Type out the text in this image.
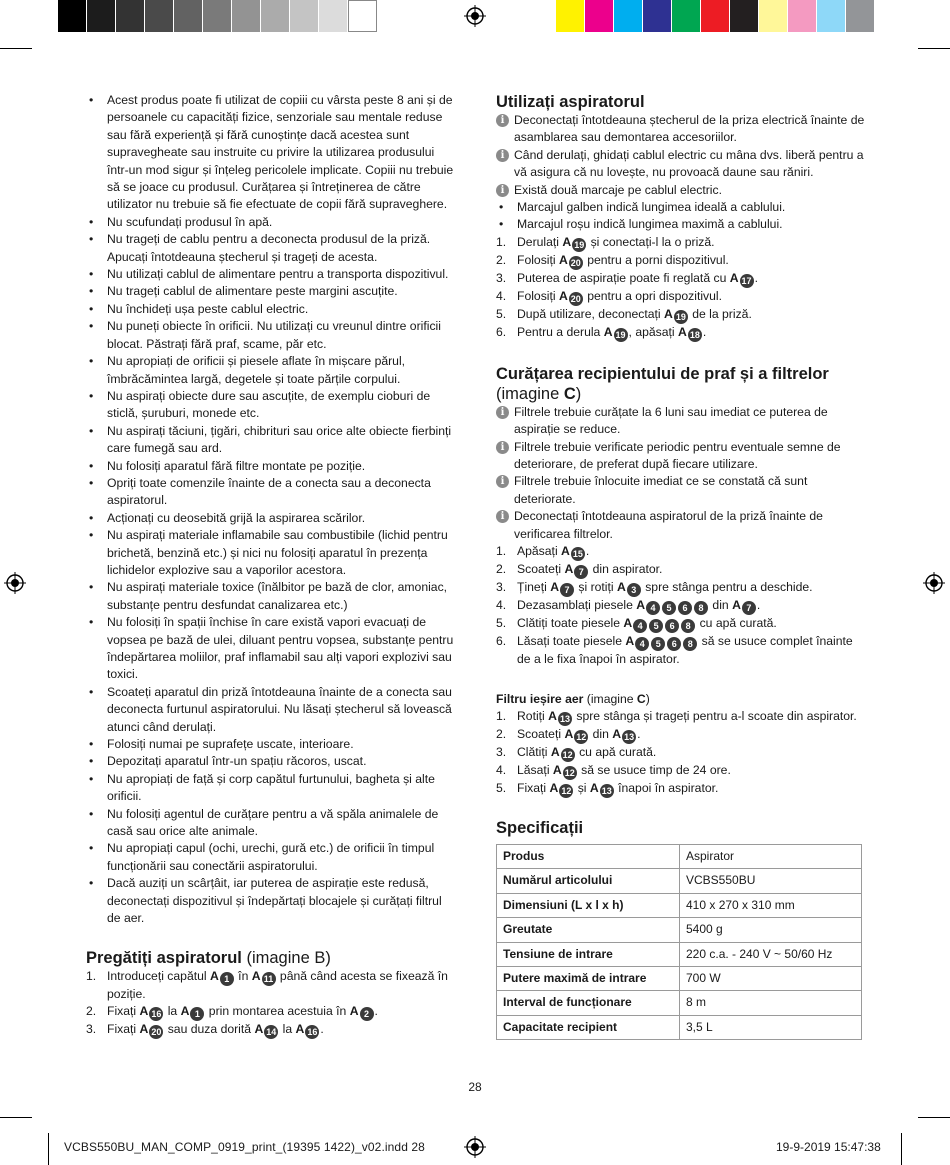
• Acest produs poate fi utilizat de copiii cu vârsta peste 8 ani și de persoanele cu capacități fizice, senzoriale sau mentale reduse sau fără experiență și fără cunoștințe dacă acestea sunt supravegheate sau instruite cu privire la utilizarea produsului într-un mod sigur și înțeleg pericolele implicate. Copiii nu trebuie să se joace cu produsul. Curățarea și întreținerea de către utilizator nu trebuie să fie efectuate de copii fără supraveghere.
• Nu scufundați produsul în apă.
• Nu trageți de cablu pentru a deconecta produsul de la priză. Apucați întotdeauna ștecherul și trageți de acesta.
• Nu utilizați cablul de alimentare pentru a transporta dispozitivul.
• Nu trageți cablul de alimentare peste margini ascuțite.
• Nu închideți ușa peste cablul electric.
• Nu puneți obiecte în orificii. Nu utilizați cu vreunul dintre orificii blocat. Păstrați fără praf, scame, păr etc.
• Nu apropiați de orificii și piesele aflate în mișcare părul, îmbrăcămintea largă, degetele și toate părțile corpului.
• Nu aspirați obiecte dure sau ascuțite, de exemplu cioburi de sticlă, șuruburi, monede etc.
• Nu aspirați tăciuni, țigări, chibrituri sau orice alte obiecte fierbinți care fumegă sau ard.
• Nu folosiți aparatul fără filtre montate pe poziție.
• Opriți toate comenzile înainte de a conecta sau a deconecta aspiratorul.
• Acționați cu deosebită grijă la aspirarea scărilor.
• Nu aspirați materiale inflamabile sau combustibile (lichid pentru brichetă, benzină etc.) și nici nu folosiți aparatul în prezența lichidelor explozive sau a vaporilor acestora.
• Nu aspirați materiale toxice (înălbitor pe bază de clor, amoniac, substanțe pentru desfundat canalizarea etc.)
• Nu folosiți în spații închise în care există vapori evacuați de vopsea pe bază de ulei, diluant pentru vopsea, substanțe pentru îndepărtarea moliilor, praf inflamabil sau alți vapori explozivi sau toxici.
• Scoateți aparatul din priză întotdeauna înainte de a conecta sau deconecta furtunul aspiratorului. Nu lăsați ștecherul să lovească atunci când derulați.
• Folosiți numai pe suprafețe uscate, interioare.
• Depozitați aparatul într-un spațiu răcoros, uscat.
• Nu apropiați de față și corp capătul furtunului, bagheta și alte orificii.
• Nu folosiți agentul de curățare pentru a vă spăla animalele de casă sau orice alte animale.
• Nu apropiați capul (ochi, urechi, gură etc.) de orificii în timpul funcționării sau conectării aspiratorului.
• Dacă auziți un scârțâit, iar puterea de aspirație este redusă, deconectați dispozitivul și îndepărtați blocajele și curățați filtrul de aer.
Pregătiți aspiratorul (imagine B)
1. Introduceți capătul A 1 în A 11 până când acesta se fixează în poziție.
2. Fixați A 16 la A 1 prin montarea acestuia în A 2 .
3. Fixați A 20 sau duza dorită A 14 la A 16 .
Utilizați aspiratorul
i Deconectați întotdeauna ștecherul de la priza electrică înainte de asamblarea sau demontarea accesoriilor.
i Când derulați, ghidați cablul electric cu mâna dvs. liberă pentru a vă asigura că nu lovește, nu provoacă daune sau răniri.
i Există două marcaje pe cablul electric.
• Marcajul galben indică lungimea ideală a cablului.
• Marcajul roșu indică lungimea maximă a cablului.
1. Derulați A 19 și conectați-l la o priză.
2. Folosiți A 20 pentru a porni dispozitivul.
3. Puterea de aspirație poate fi reglată cu A 17 .
4. Folosiți A 20 pentru a opri dispozitivul.
5. După utilizare, deconectați A 19 de la priză.
6. Pentru a derula A 19 , apăsați A 18 .
Curățarea recipientului de praf și a filtrelor
(imagine C)
i Filtrele trebuie curățate la 6 luni sau imediat ce puterea de aspirație se reduce.
i Filtrele trebuie verificate periodic pentru eventuale semne de deteriorare, de preferat după fiecare utilizare.
i Filtrele trebuie înlocuite imediat ce se constată că sunt deteriorate.
i Deconectați întotdeauna aspiratorul de la priză înainte de verificarea filtrelor.
1. Apăsați A 15 .
2. Scoateți A 7 din aspirator.
3. Țineți A 7 și rotiți A 3 spre stânga pentru a deschide.
4. Dezasamblați piesele A 4 5 6 8 din A 7 .
5. Clătiți toate piesele A 4 5 6 8 cu apă curată.
6. Lăsați toate piesele A 4 5 6 8 să se usuce complet înainte de a le fixa înapoi în aspirator.
Filtru ieșire aer (imagine C)
1. Rotiți A 13 spre stânga și trageți pentru a-l scoate din aspirator.
2. Scoateți A 12 din A 13 .
3. Clătiți A 12 cu apă curată.
4. Lăsați A 12 să se usuce timp de 24 ore.
5. Fixați A 12 și A 13 înapoi în aspirator.
Specificații
Produs	Aspirator
Numărul articolului	VCBS550BU
Dimensiuni (L x l x h)	410 x 270 x 310 mm
Greutate	5400 g
Tensiune de intrare	220 c.a. - 240 V ~ 50/60 Hz
Putere maximă de intrare	700 W
Interval de funcționare	8 m
Capacitate recipient	3,5 L
28
VCBS550BU_MAN_COMP_0919_print_(19395 1422)_v02.indd 28	19-9-2019 15:47:38
